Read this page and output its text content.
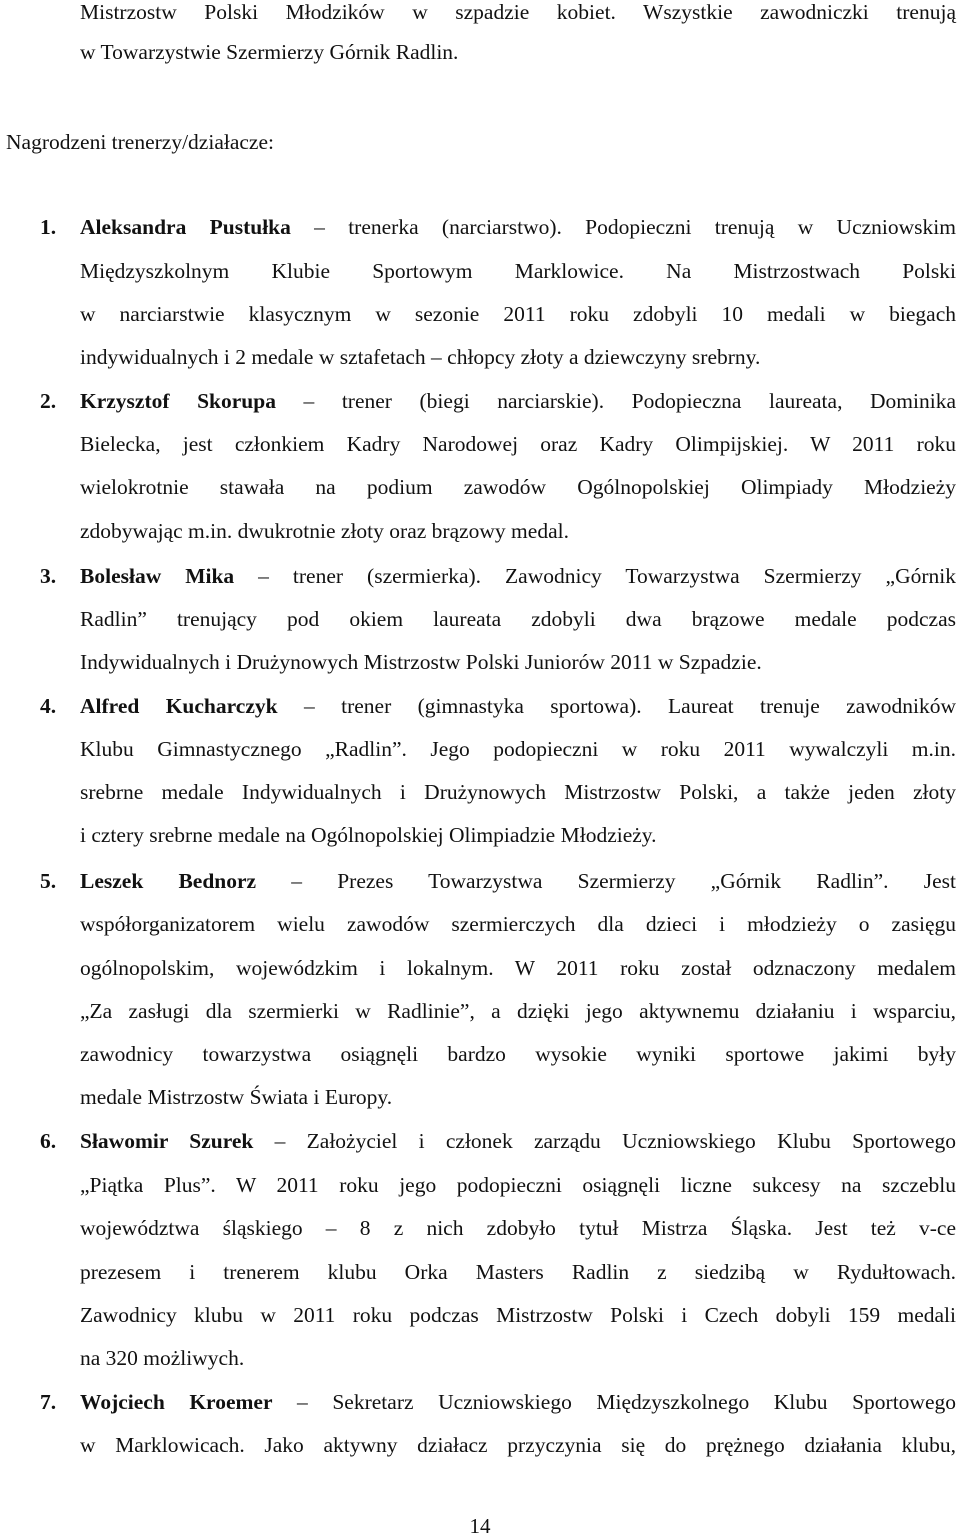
Mistrzostw Polski Młodzików w szpadzie kobiet. Wszystkie zawodniczki trenują
w Towarzystwie Szermierzy Górnik Radlin.
Nagrodzeni trenerzy/działacze:
1. Aleksandra Pustułka – trenerka (narciarstwo). Podopieczni trenują w Uczniowskim
Międzyszkolnym Klubie Sportowym Marklowice. Na Mistrzostwach Polski
w narciarstwie klasycznym w sezonie 2011 roku zdobyli 10 medali w biegach
indywidualnych i 2 medale w sztafetach – chłopcy złoty a dziewczyny srebrny.
2. Krzysztof Skorupa – trener (biegi narciarskie). Podopieczna laureata, Dominika
Bielecka, jest członkiem Kadry Narodowej oraz Kadry Olimpijskiej. W 2011 roku
wielokrotnie stawała na podium zawodów Ogólnopolskiej Olimpiady Młodzieży
zdobywając m.in. dwukrotnie złoty oraz brązowy medal.
3. Bolesław Mika – trener (szermierka). Zawodnicy Towarzystwa Szermierzy „Górnik
Radlin” trenujący pod okiem laureata zdobyli dwa brązowe medale podczas
Indywidualnych i Drużynowych Mistrzostw Polski Juniorów 2011 w Szpadzie.
4. Alfred Kucharczyk – trener (gimnastyka sportowa). Laureat trenuje zawodników
Klubu Gimnastycznego „Radlin”. Jego podopieczni w roku 2011 wywalczyli m.in.
srebrne medale Indywidualnych i Drużynowych Mistrzostw Polski, a także jeden złoty
i cztery srebrne medale na Ogólnopolskiej Olimpiadzie Młodzieży.
5. Leszek Bednorz – Prezes Towarzystwa Szermierzy „Górnik Radlin”. Jest
współorganizatorem wielu zawodów szermierczych dla dzieci i młodzieży o zasięgu
ogólnopolskim, wojewódzkim i lokalnym. W 2011 roku został odznaczony medalem
„Za zasługi dla szermierki w Radlinie”, a dzięki jego aktywnemu działaniu i wsparciu,
zawodnicy towarzystwa osiągnęli bardzo wysokie wyniki sportowe jakimi były
medale Mistrzostw Świata i Europy.
6. Sławomir Szurek – Założyciel i członek zarządu Uczniowskiego Klubu Sportowego
„Piątka Plus”. W 2011 roku jego podopieczni osiągnęli liczne sukcesy na szczeblu
województwa śląskiego – 8 z nich zdobyło tytuł Mistrza Śląska. Jest też v-ce
prezesem i trenerem klubu Orka Masters Radlin z siedzibą w Rydułtowach.
Zawodnicy klubu w 2011 roku podczas Mistrzostw Polski i Czech dobyli 159 medali
na 320 możliwych.
7. Wojciech Kroemer – Sekretarz Uczniowskiego Międzyszkolnego Klubu Sportowego
w Marklowicach. Jako aktywny działacz przyczynia się do prężnego działania klubu,
14
